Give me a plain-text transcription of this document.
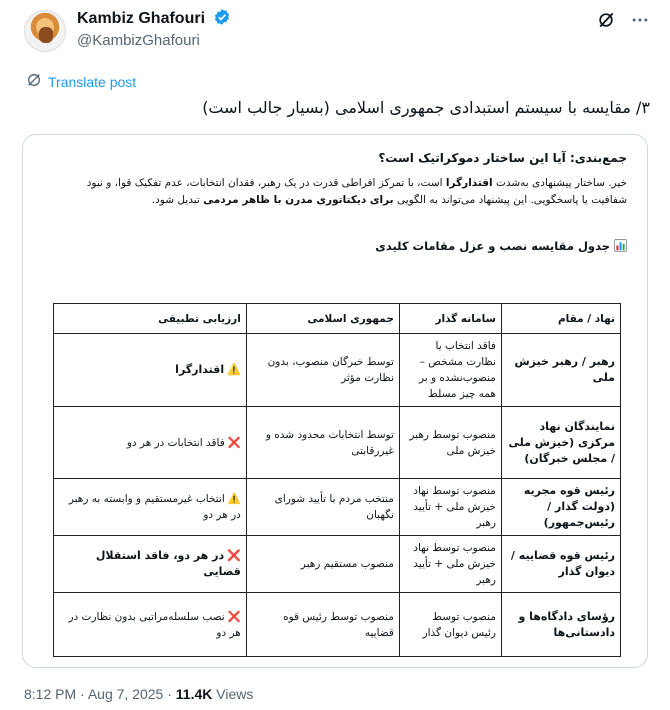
Kambiz Ghafouri
@KambizGhafouri
Translate post
۳/ مقایسه با سیستم استبدادی جمهوری اسلامی (بسیار جالب است)
جمع‌بندی: آیا این ساختار دموکراتیک است؟

خیر. ساختار پیشنهادی به‌شدت اقتدارگرا است، با تمرکز افراطی قدرت در یک رهبر، فقدان انتخابات، عدم تفکیک قوا، و نبود شفافیت یا پاسخگویی. این پیشنهاد می‌تواند به الگویی برای دیکتاتوری مدرن با ظاهر مردمی تبدیل شود.

جدول مقایسه نصب و عزل مقامات کلیدی
نهاد / مقام	سامانه گذار	جمهوری اسلامی	ارزیابی تطبیقی
رهبر / رهبر خیزش ملی	فاقد انتخاب یا نظارت مشخص – منصوب‌نشده و بر همه چیز مسلط	توسط خبرگان منصوب، بدون نظارت مؤثر	⚠️اقتدارگرا
نمایندگان نهاد مرکزی (خیزش ملی / مجلس خبرگان)	منصوب توسط رهبر خیزش ملی	توسط انتخابات محدود شده و غیررقابتی	❌فاقد انتخابات در هر دو
رئیس قوه مجریه (دولت گذار / رئیس‌جمهور)	منصوب توسط نهاد خیزش ملی + تأیید رهبر	منتخب مردم با تأیید شورای نگهبان	⚠️انتخاب غیرمستقیم و وابسته به رهبر در هر دو
رئیس قوه قضاییه / دیوان گذار	منصوب توسط نهاد خیزش ملی + تأیید رهبر	منصوب مستقیم رهبر	❌در هر دو، فاقد استقلال قضایی
رؤسای دادگاه‌ها و دادستانی‌ها	منصوب توسط رئیس دیوان گذار	منصوب توسط رئیس قوه قضاییه	❌نصب سلسله‌مراتبی بدون نظارت در هر دو
8:12 PM · Aug 7, 2025 · 11.4K Views
